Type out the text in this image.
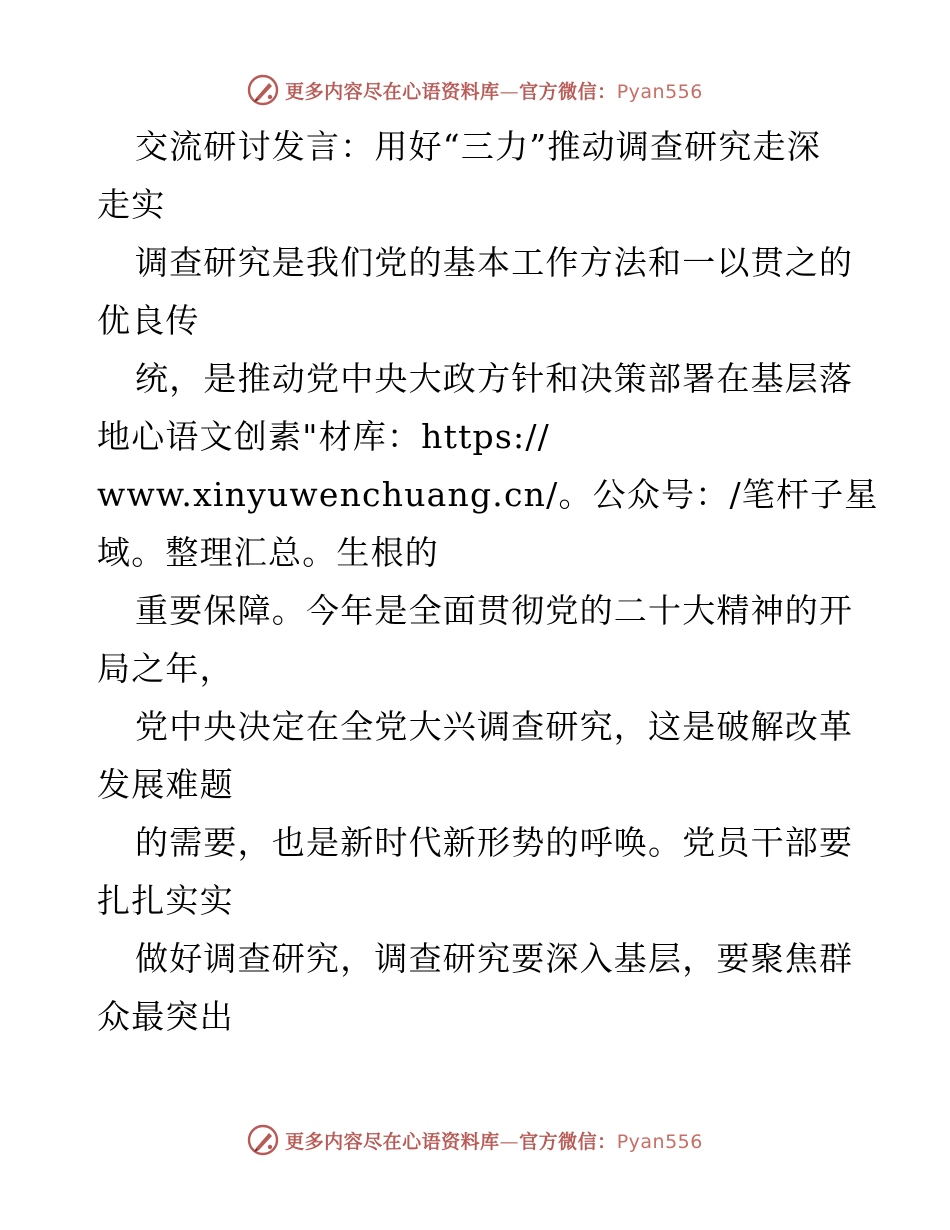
更多内容尽在心语资料库—官方微信：Pyan556
交流研讨发言：用好“三力”推动调查研究走深
走实
调查研究是我们党的基本工作方法和一以贯之的
优良传
统，是推动党中央大政方针和决策部署在基层落
地心语文创素"材库：https://
www.xinyuwenchuang.cn/。公众号：/笔杆子星
域。整理汇总。生根的
重要保障。今年是全面贯彻党的二十大精神的开
局之年，
党中央决定在全党大兴调查研究，这是破解改革
发展难题
的需要，也是新时代新形势的呼唤。党员干部要
扎扎实实
做好调查研究，调查研究要深入基层，要聚焦群
众最突出
更多内容尽在心语资料库—官方微信：Pyan556
